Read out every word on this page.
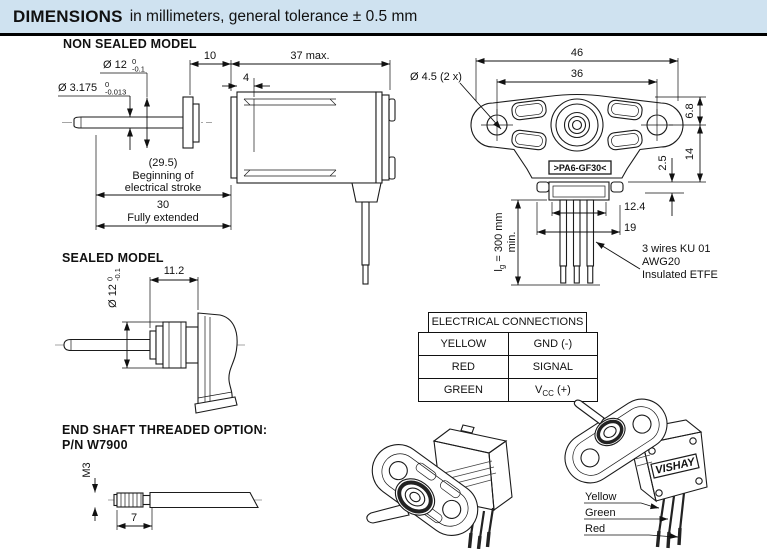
DIMENSIONS in millimeters, general tolerance ± 0.5 mm
NON SEALED MODEL
SEALED MODEL
END SHAFT THREADED OPTION:
P/N W7900
ELECTRICAL CONNECTIONS
YELLOW	GND (-)
RED	SIGNAL
GREEN	$V_{CC}$ (+)
Ø 12 0
-0.1
Ø 3.175 0
-0.013
10
4
37 max.
(29.5)
Beginning of
electrical stroke
30
Fully extended
>PA6-GF30<
46
36
Ø 4.5 (2 x)
6.8
14
2.5
12.4
19
$l_g = 300$ mm min.	3 wires KU 01
AWG20
Insulated ETFE
11.2
Ø 12
0
-0.1
M3
7
VISHAY
Yellow
Green
Red
